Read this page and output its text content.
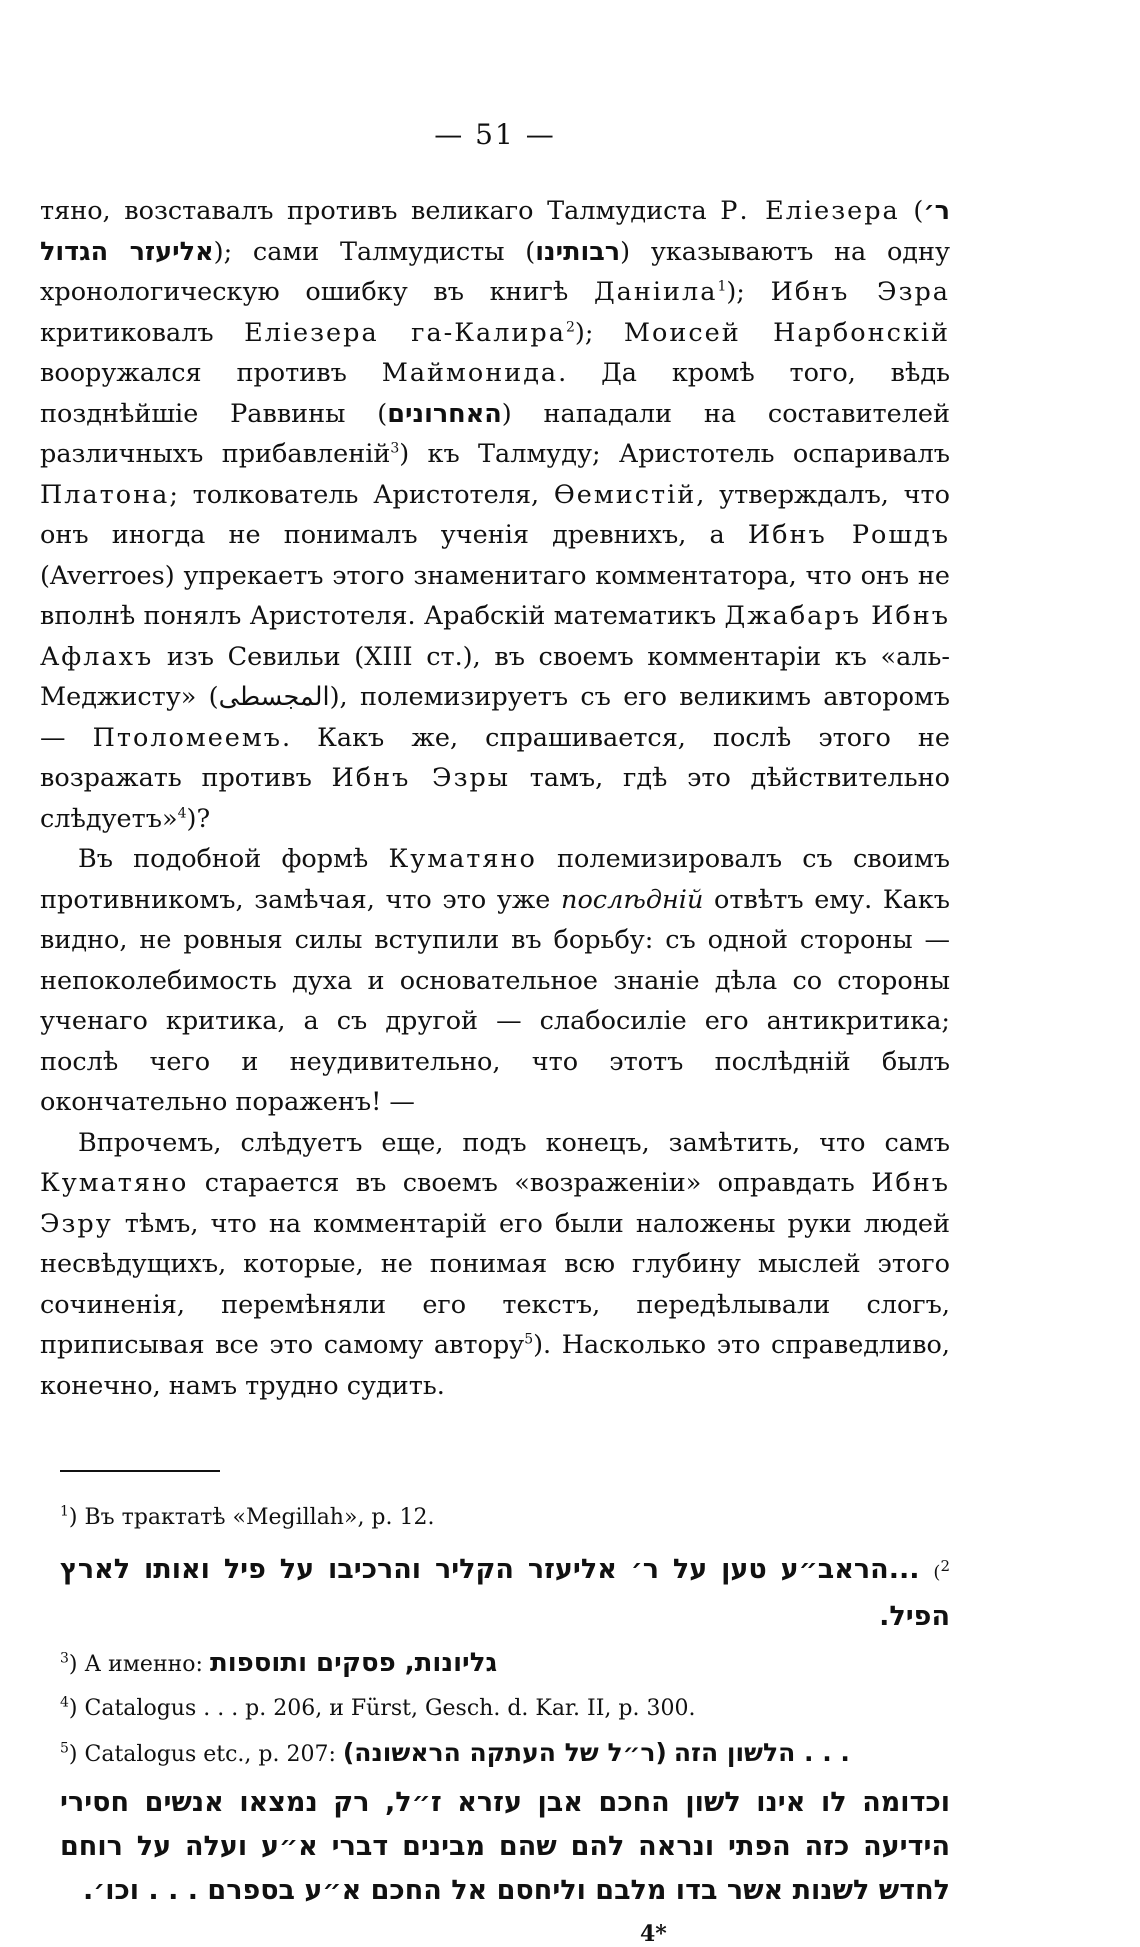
— 51 —

тяно, возставалъ противъ великаго Талмудиста Р. Еліезера (ר׳ אליעזר הגדול); сами Талмудисты (רבותינו) указываютъ на одну хронологическую ошибку въ книгѣ Даніила$^1$); Ибнъ Эзра критиковалъ Еліезера га-Калира$^2$); Моисей Нарбонскій вооружался противъ Маймонида. Да кромѣ того, вѣдь позднѣйшіе Раввины (האחרונים) нападали на составителей различныхъ прибавленій$^3$) къ Талмуду; Аристотель оспаривалъ Платона; толкователь Аристотеля, Өемистій, утверждалъ, что онъ иногда не понималъ ученія древнихъ, а Ибнъ Рошдъ (Averroes) упрекаетъ этого знаменитаго комментатора, что онъ не вполнѣ понялъ Аристотеля. Арабскій математикъ Джабаръ Ибнъ Афлахъ изъ Севильи (XIII ст.), въ своемъ комментаріи къ «аль-Меджисту» (المجسطى), полемизируетъ съ его великимъ авторомъ — Птоломеемъ. Какъ же, спрашивается, послѣ этого не возражать противъ Ибнъ Эзры тамъ, гдѣ это дѣйствительно слѣдуетъ»$^4$)?

Въ подобной формѣ Куматяно полемизировалъ съ своимъ противникомъ, замѣчая, что это уже послѣдній отвѣтъ ему. Какъ видно, не ровныя силы вступили въ борьбу: съ одной стороны — непоколебимость духа и основательное знаніе дѣла со стороны ученаго критика, а съ другой — слабосиліе его антикритика; послѣ чего и неудивительно, что этотъ послѣдній былъ окончательно пораженъ! —

Впрочемъ, слѣдуетъ еще, подъ конецъ, замѣтить, что самъ Куматяно старается въ своемъ «возраженіи» оправдать Ибнъ Эзру тѣмъ, что на комментарій его были наложены руки людей несвѣдущихъ, которые, не понимая всю глубину мыслей этого сочиненія, перемѣняли его текстъ, передѣлывали слогъ, приписывая все это самому автору$^5$). Насколько это справедливо, конечно, намъ трудно судить.

$^1$) Въ трактатѣ «Megillah», p. 12.
$^2$) ...הראב״ע טען על ר׳ אליעזר הקליר והרכיבו על פיל ואותו לארץ הפיל.
$^3$) А именно: גליונות, פסקים ותוספות
$^4$) Catalogus . . . p. 206, и Fürst, Gesch. d. Kar. II, p. 300.
$^5$) Catalogus etc., p. 207: (ר״ל של העתקה הראשונה) הלשון הזה . . .
וכדומה לו אינו לשון החכם אבן עזרא ז״ל, רק נמצאו אנשים חסירי הידיעה כזה הפתי ונראה להם שהם מבינים דברי א״ע ועלה על רוחם לחדש לשנות אשר בדו מלבם וליחסם אל החכם א״ע בספרם . . . וכו׳.
4*
